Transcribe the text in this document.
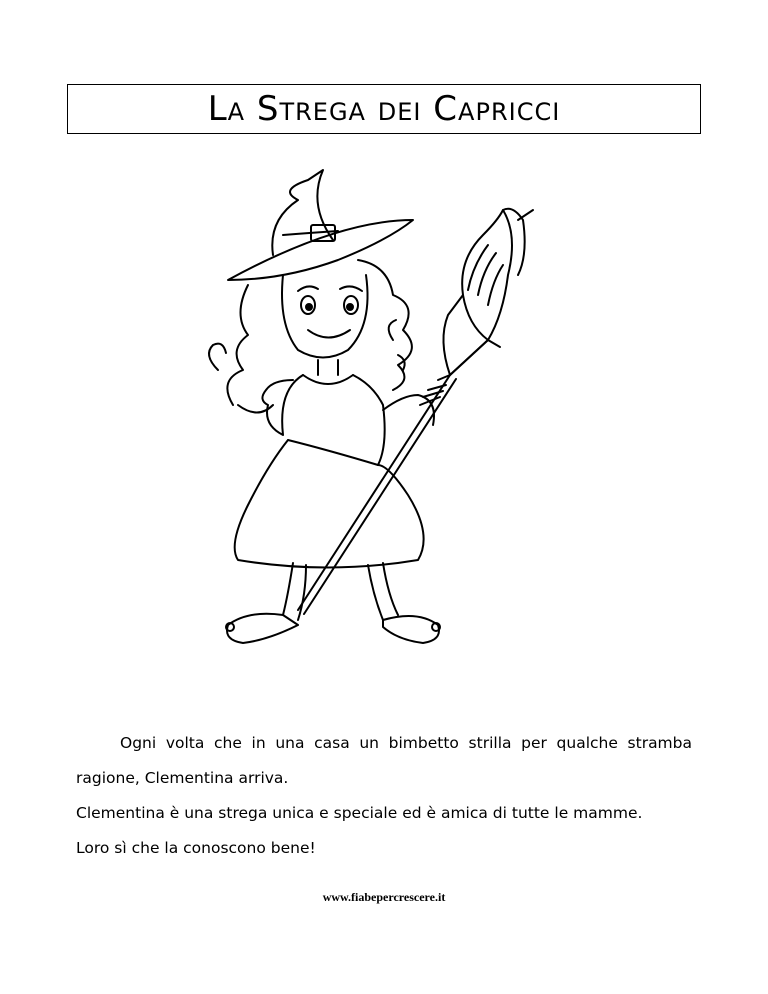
La Strega dei Capricci

Ogni volta che in una casa un bimbetto strilla per qualche stramba ragione, Clementina arriva.

Clementina è una strega unica e speciale ed è amica di tutte le mamme.

Loro sì che la conoscono bene!

www.fiabepercrescere.it
